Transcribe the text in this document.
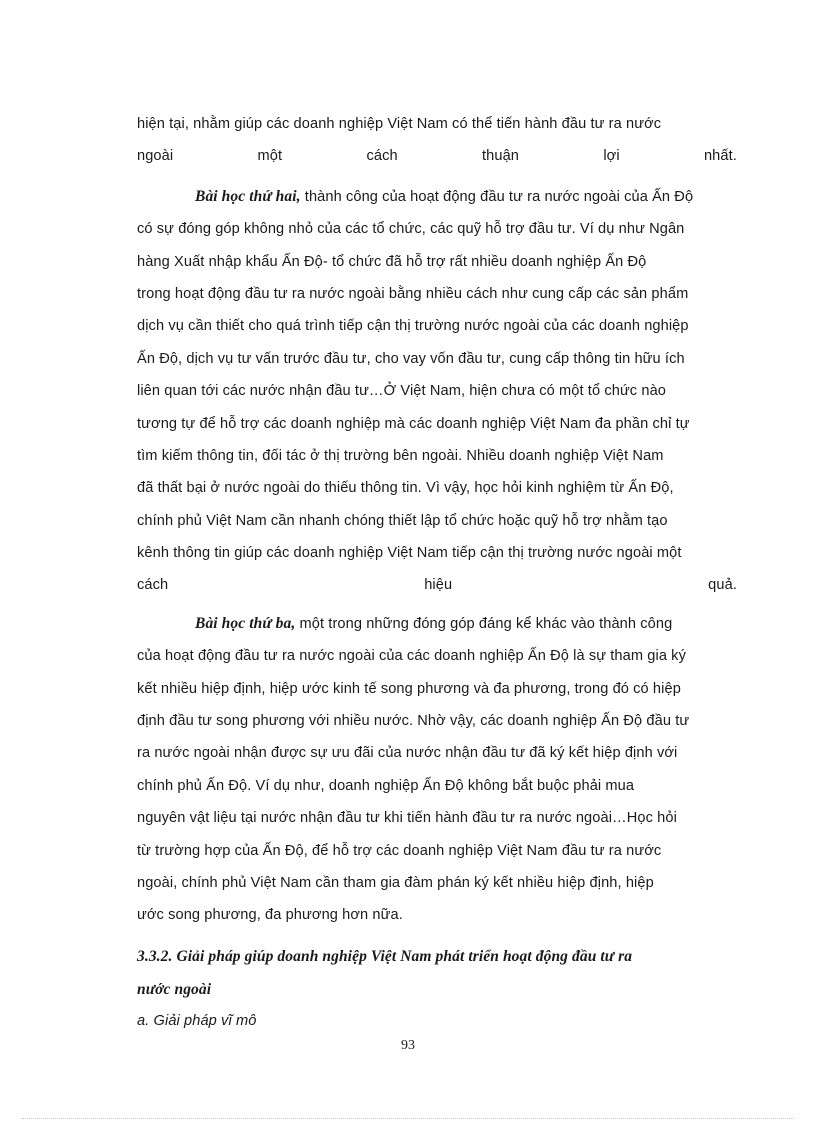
hiện tại, nhằm giúp các doanh nghiệp Việt Nam có thể tiến hành đầu tư ra nước
ngoài	một	cách	thuận	lợi	nhất.
Bài học thứ hai, thành công của hoạt động đầu tư ra nước ngoài của Ấn Độ
có sự đóng góp không nhỏ của các tổ chức, các quỹ hỗ trợ đầu tư. Ví dụ như Ngân
hàng Xuất nhập khẩu Ấn Độ- tổ chức đã hỗ trợ rất nhiều doanh nghiệp Ấn Độ
trong hoạt động đầu tư ra nước ngoài bằng nhiều cách như cung cấp các sản phẩm
dịch vụ cần thiết cho quá trình tiếp cận thị trường nước ngoài của các doanh nghiệp
Ấn Độ, dịch vụ tư vấn trước đầu tư, cho vay vốn đầu tư, cung cấp thông tin hữu ích
liên quan tới các nước nhận đầu tư…Ở Việt Nam, hiện chưa có một tổ chức nào
tương tự để hỗ trợ các doanh nghiệp mà các doanh nghiệp Việt Nam đa phần chỉ tự
tìm kiếm thông tin, đối tác ở thị trường bên ngoài. Nhiều doanh nghiệp Việt Nam
đã thất bại ở nước ngoài do thiếu thông tin. Vì vậy, học hỏi kinh nghiệm từ Ấn Độ,
chính phủ Việt Nam cần nhanh chóng thiết lập tổ chức hoặc quỹ hỗ trợ nhằm tạo
kênh thông tin giúp các doanh nghiệp Việt Nam tiếp cận thị trường nước ngoài một
cách	hiệu	quả.
Bài học thứ ba, một trong những đóng góp đáng kể khác vào thành công
của hoạt động đầu tư ra nước ngoài của các doanh nghiệp Ấn Độ là sự tham gia ký
kết nhiều hiệp định, hiệp ước kinh tế song phương và đa phương, trong đó có hiệp
định đầu tư song phương với nhiều nước. Nhờ vậy, các doanh nghiệp Ấn Độ đầu tư
ra nước ngoài nhận được sự ưu đãi của nước nhận đầu tư đã ký kết hiệp định với
chính phủ Ấn Độ. Ví dụ như, doanh nghiệp Ấn Độ không bắt buộc phải mua
nguyên vật liệu tại nước nhận đầu tư khi tiến hành đầu tư ra nước ngoài…Học hỏi
từ trường hợp của Ấn Độ, để hỗ trợ các doanh nghiệp Việt Nam đầu tư ra nước
ngoài, chính phủ Việt Nam cần tham gia đàm phán ký kết nhiều hiệp định, hiệp
ước song phương, đa phương hơn nữa.
3.3.2. Giải pháp giúp doanh nghiệp Việt Nam phát triển hoạt động đầu tư ra
nước ngoài
a. Giải pháp vĩ mô
93
